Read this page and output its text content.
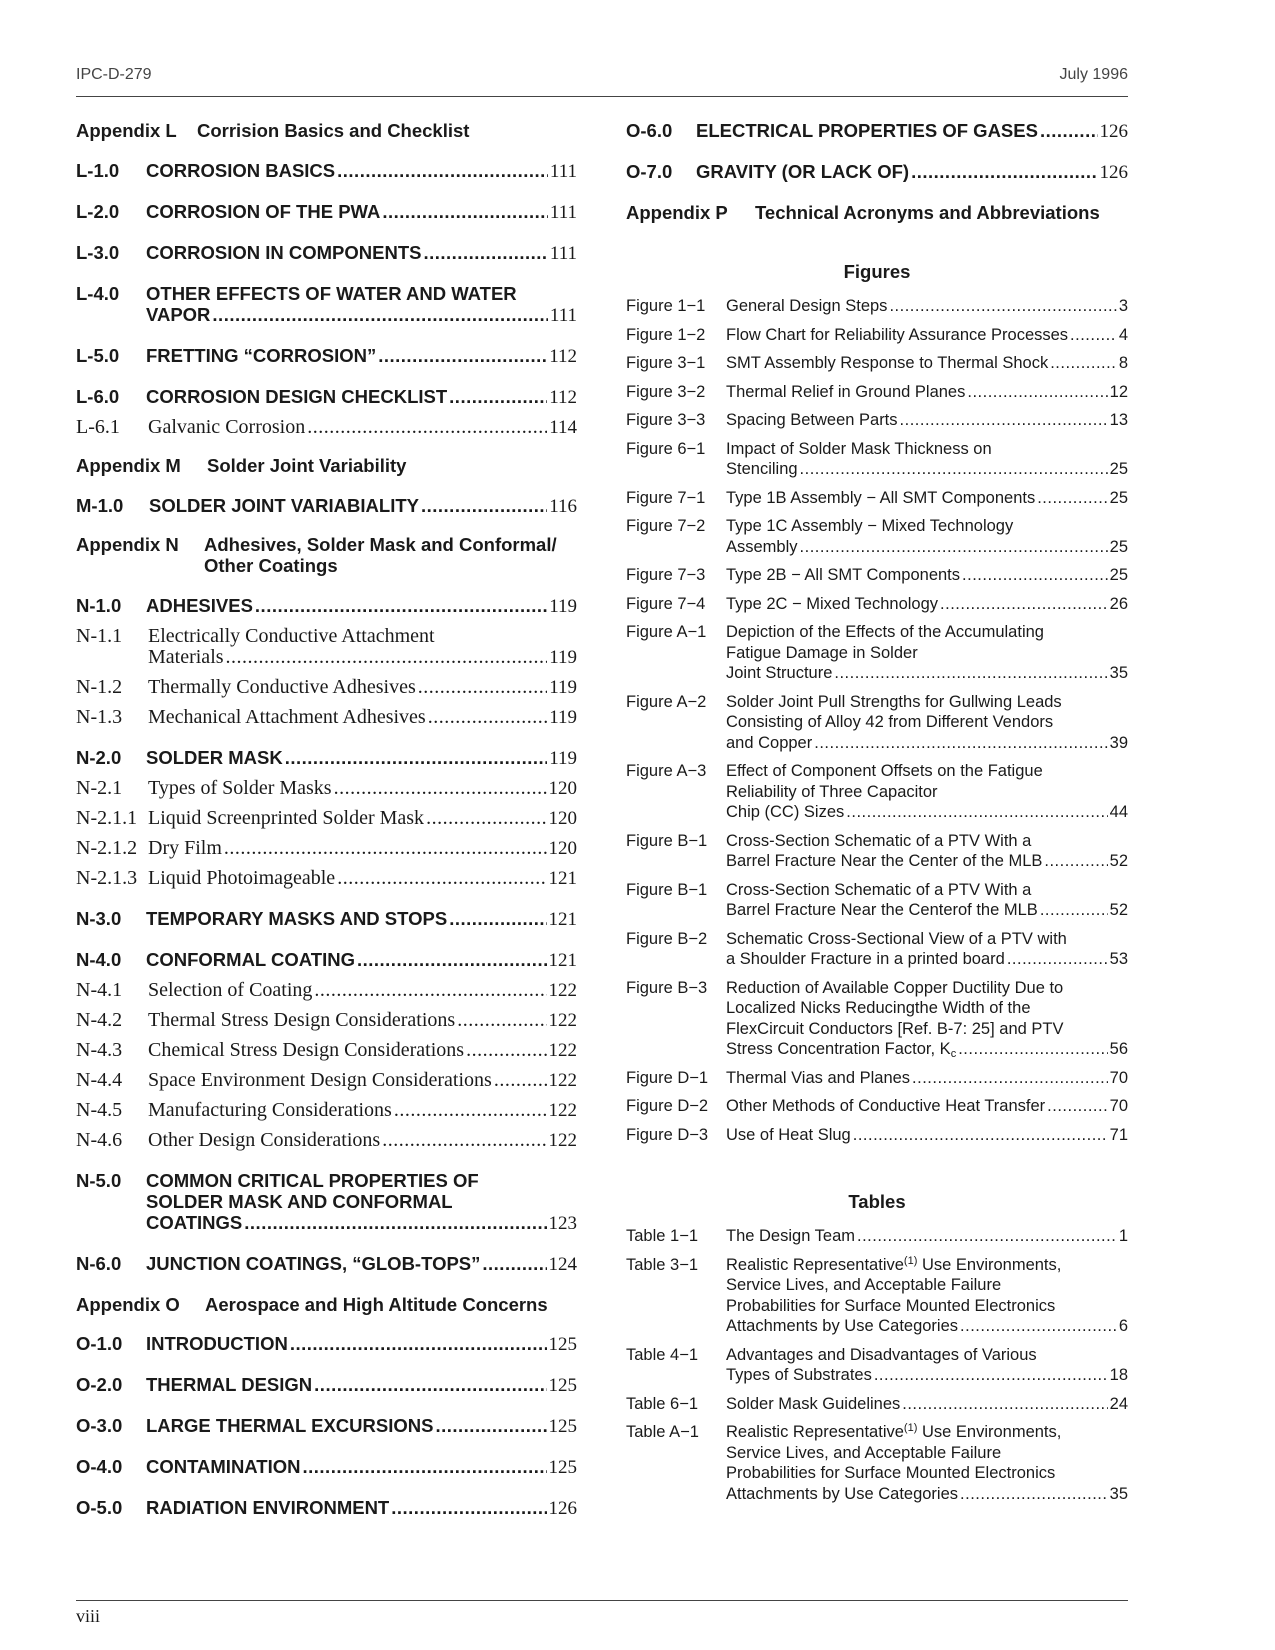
IPC-D-279	July 1996
Appendix L	Corrision Basics and Checklist
L-1.0	CORROSION BASICS .....	111
L-2.0	CORROSION OF THE PWA .....	111
L-3.0	CORROSION IN COMPONENTS .....	111
L-4.0	OTHER EFFECTS OF WATER AND WATER
VAPOR .....	111
L-5.0	FRETTING “CORROSION” .....	112
L-6.0	CORROSION DESIGN CHECKLIST .....	112
L-6.1	Galvanic Corrosion .....	114
Appendix M	Solder Joint Variability
M-1.0	SOLDER JOINT VARIABIALITY .....	116
Appendix N	Adhesives, Solder Mask and Conformal/
Other Coatings
N-1.0	ADHESIVES .....	119
N-1.1	Electrically Conductive Attachment
Materials .....	119
N-1.2	Thermally Conductive Adhesives .....	119
N-1.3	Mechanical Attachment Adhesives .....	119
N-2.0	SOLDER MASK .....	119
N-2.1	Types of Solder Masks .....	120
N-2.1.1 Liquid Screenprinted Solder Mask .....	120
N-2.1.2 Dry Film .....	120
N-2.1.3 Liquid Photoimageable .....	121
N-3.0	TEMPORARY MASKS AND STOPS .....	121
N-4.0	CONFORMAL COATING .....	121
N-4.1	Selection of Coating .....	122
N-4.2	Thermal Stress Design Considerations .....	122
N-4.3	Chemical Stress Design Considerations .....	122
N-4.4	Space Environment Design Considerations .....	122
N-4.5	Manufacturing Considerations .....	122
N-4.6	Other Design Considerations .....	122
N-5.0	COMMON CRITICAL PROPERTIES OF
SOLDER MASK AND CONFORMAL
COATINGS .....	123
N-6.0	JUNCTION COATINGS, “GLOB-TOPS” .....	124
Appendix O	Aerospace and High Altitude Concerns
O-1.0	INTRODUCTION .....	125
O-2.0	THERMAL DESIGN .....	125
O-3.0	LARGE THERMAL EXCURSIONS .....	125
O-4.0	CONTAMINATION .....	125
O-5.0	RADIATION ENVIRONMENT .....	126
O-6.0	ELECTRICAL PROPERTIES OF GASES .....	126
O-7.0	GRAVITY (OR LACK OF) .....	126
Appendix P	Technical Acronyms and Abbreviations
Figures
Figure 1−1	General Design Steps .....	3
Figure 1−2	Flow Chart for Reliability Assurance Processes .....	4
Figure 3−1	SMT Assembly Response to Thermal Shock .....	8
Figure 3−2	Thermal Relief in Ground Planes .....	12
Figure 3−3	Spacing Between Parts .....	13
Figure 6−1	Impact of Solder Mask Thickness on
Stenciling .....	25
Figure 7−1	Type 1B Assembly − All SMT Components .....	25
Figure 7−2	Type 1C Assembly − Mixed Technology
Assembly .....	25
Figure 7−3	Type 2B − All SMT Components .....	25
Figure 7−4	Type 2C − Mixed Technology .....	26
Figure A−1	Depiction of the Effects of the Accumulating
Fatigue Damage in Solder
Joint Structure .....	35
Figure A−2	Solder Joint Pull Strengths for Gullwing Leads
Consisting of Alloy 42 from Different Vendors
and Copper .....	39
Figure A−3	Effect of Component Offsets on the Fatigue
Reliability of Three Capacitor
Chip (CC) Sizes .....	44
Figure B−1	Cross-Section Schematic of a PTV With a
Barrel Fracture Near the Center of the MLB .....	52
Figure B−1	Cross-Section Schematic of a PTV With a
Barrel Fracture Near the Centerof the MLB .....	52
Figure B−2	Schematic Cross-Sectional View of a PTV with
a Shoulder Fracture in a printed board .....	53
Figure B−3	Reduction of Available Copper Ductility Due to
Localized Nicks Reducingthe Width of the
FlexCircuit Conductors [Ref. B-7: 25] and PTV
Stress Concentration Factor, $K_c$ .....	56
Figure D−1	Thermal Vias and Planes .....	70
Figure D−2	Other Methods of Conductive Heat Transfer .....	70
Figure D−3	Use of Heat Slug .....	71
Tables
Table 1−1	The Design Team .....	1
Table 3−1	Realistic Representative$^{(1)}$ Use Environments,
Service Lives, and Acceptable Failure
Probabilities for Surface Mounted Electronics
Attachments by Use Categories .....	6
Table 4−1	Advantages and Disadvantages of Various
Types of Substrates .....	18
Table 6−1	Solder Mask Guidelines .....	24
Table A−1	Realistic Representative$^{(1)}$ Use Environments,
Service Lives, and Acceptable Failure
Probabilities for Surface Mounted Electronics
Attachments by Use Categories .....	35
viii
